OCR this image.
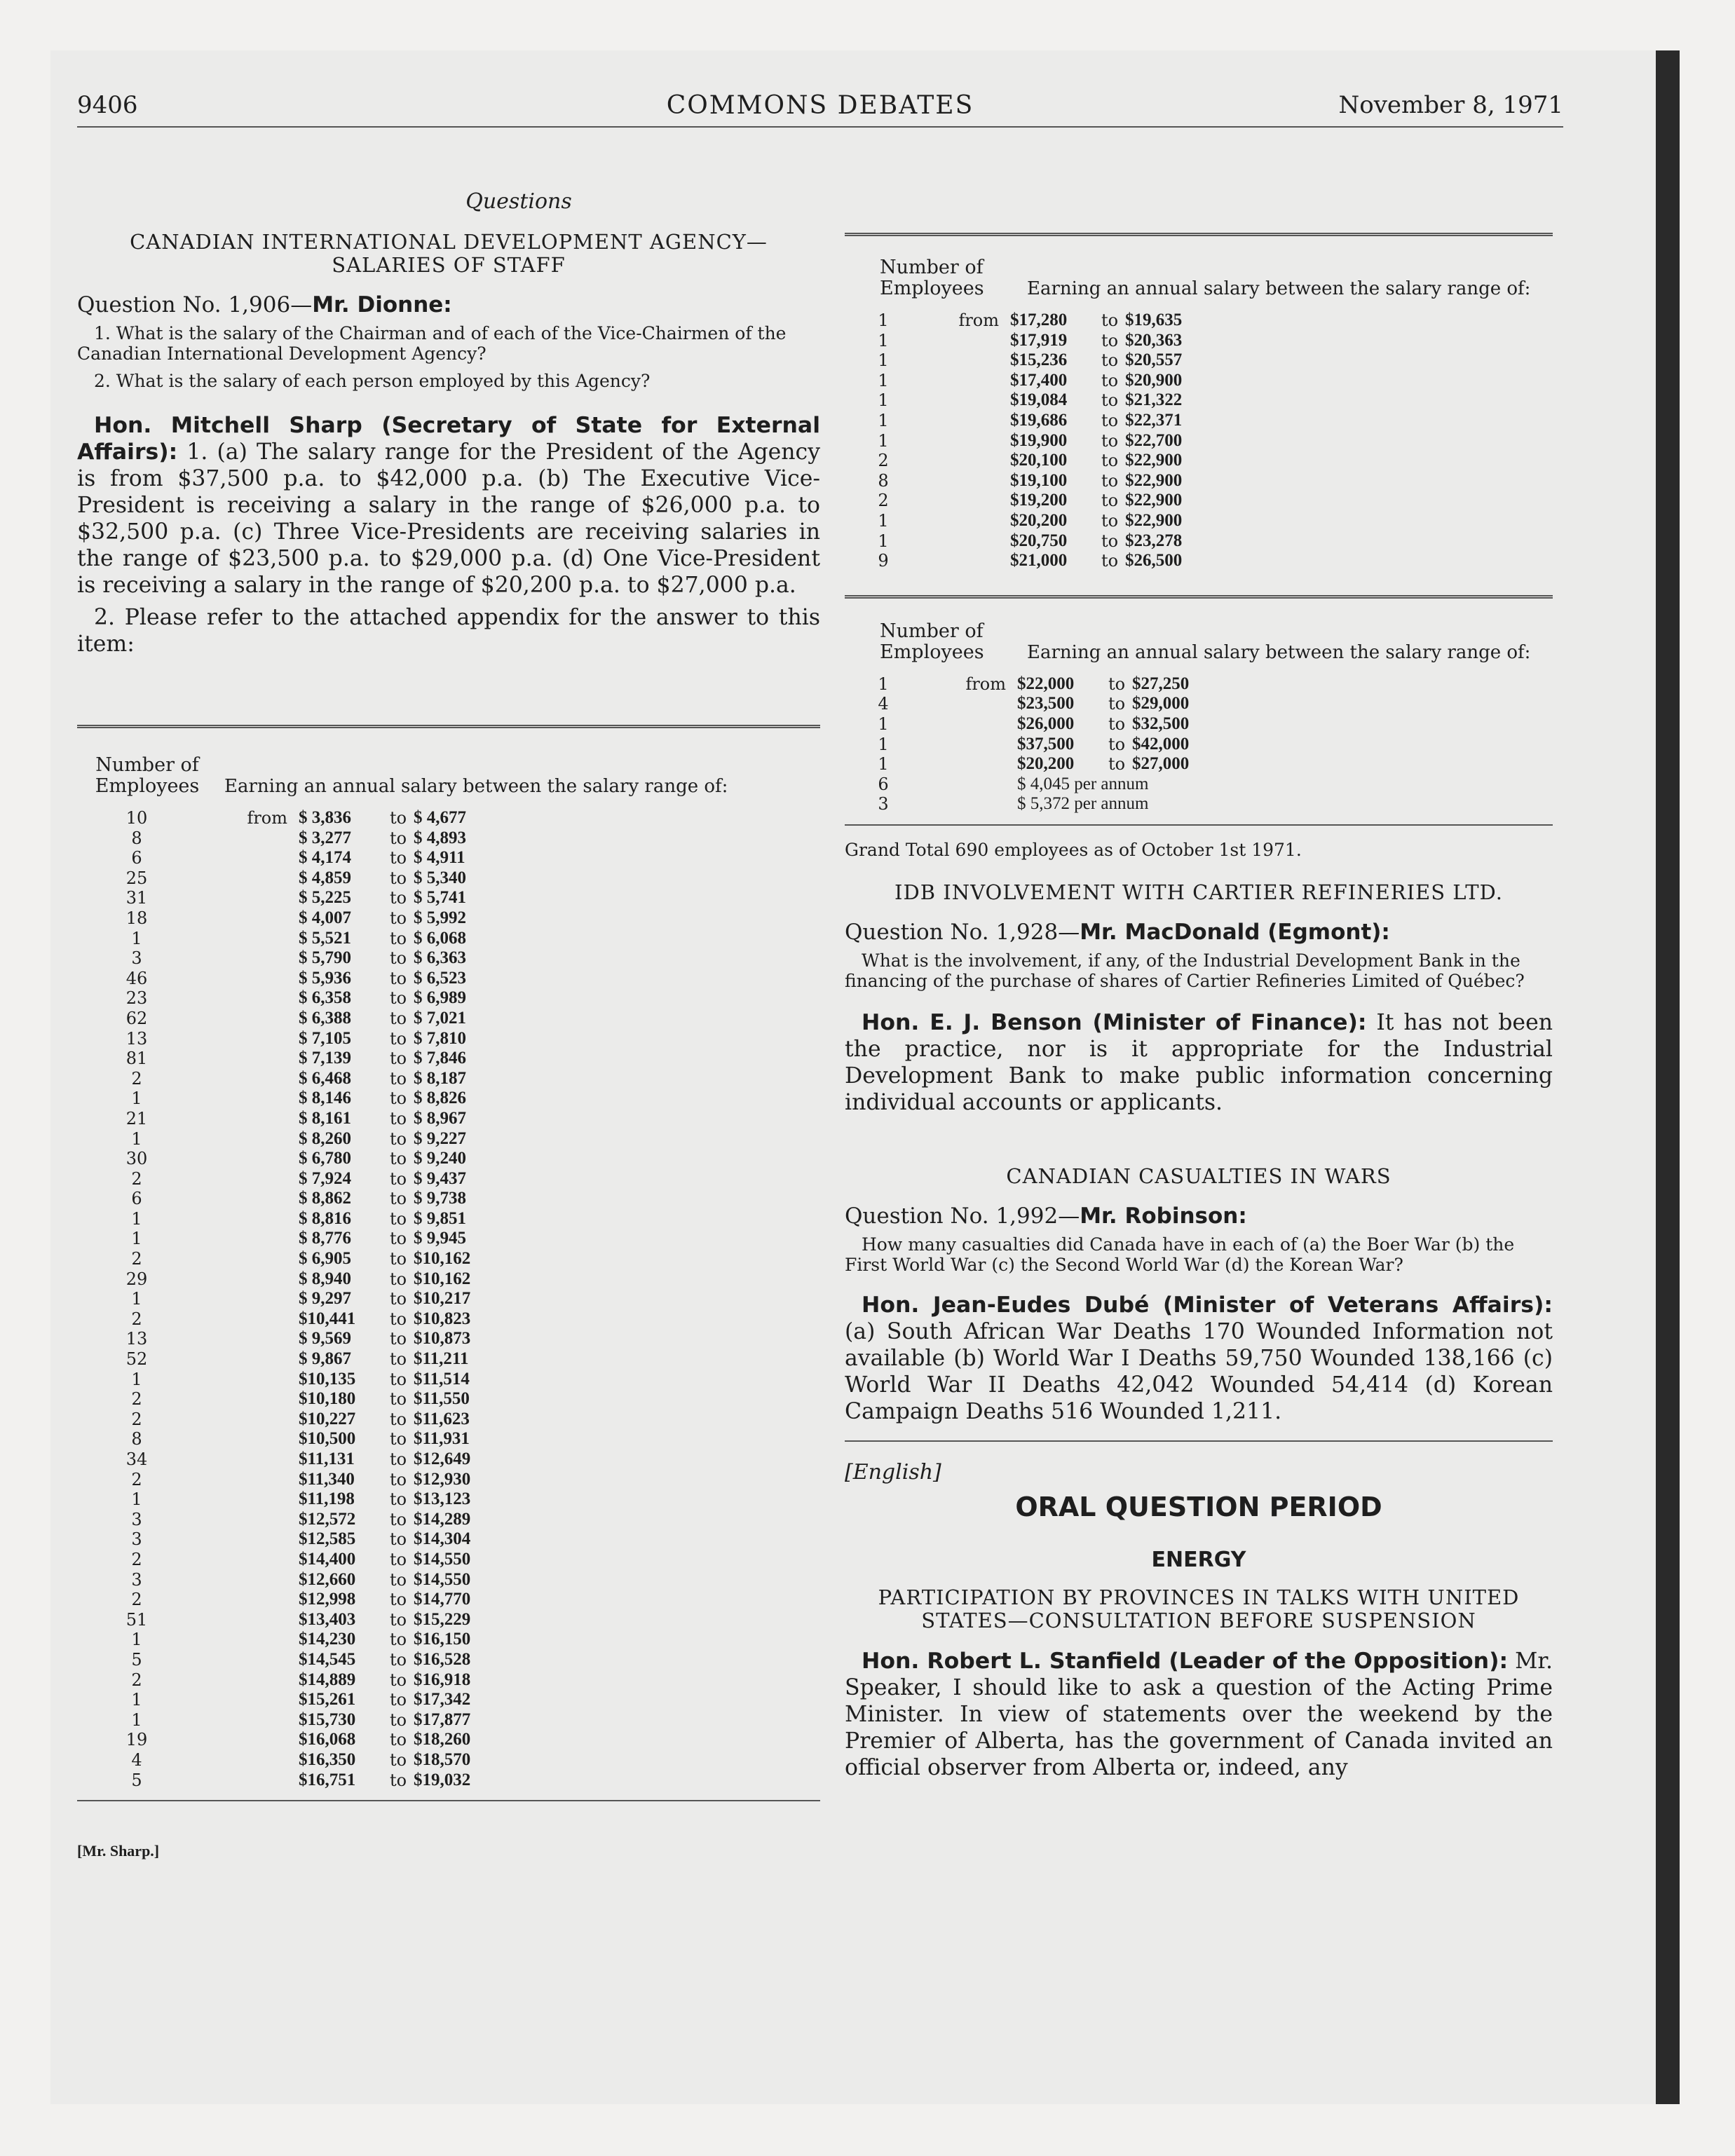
9406	COMMONS DEBATES	November 8, 1971
Questions
CANADIAN INTERNATIONAL DEVELOPMENT AGENCY—SALARIES OF STAFF
Question No. 1,906—Mr. Dionne:

1. What is the salary of the Chairman and of each of the Vice-Chairmen of the Canadian International Development Agency?

2. What is the salary of each person employed by this Agency?

Hon. Mitchell Sharp (Secretary of State for External Affairs): 1. (a) The salary range for the President of the Agency is from $37,500 p.a. to $42,000 p.a. (b) The Executive Vice-President is receiving a salary in the range of $26,000 p.a. to $32,500 p.a. (c) Three Vice-Presidents are receiving salaries in the range of $23,500 p.a. to $29,000 p.a. (d) One Vice-President is receiving a salary in the range of $20,200 p.a. to $27,000 p.a.

2. Please refer to the attached appendix for the answer to this item:

Number of
Employees	Earning an annual salary between the salary range of:
10	from $ 3,836	to $ 4,677
8	$ 3,277	to $ 4,893
6	$ 4,174	to $ 4,911
25	$ 4,859	to $ 5,340
31	$ 5,225	to $ 5,741
18	$ 4,007	to $ 5,992
1	$ 5,521	to $ 6,068
3	$ 5,790	to $ 6,363
46	$ 5,936	to $ 6,523
23	$ 6,358	to $ 6,989
62	$ 6,388	to $ 7,021
13	$ 7,105	to $ 7,810
81	$ 7,139	to $ 7,846
2	$ 6,468	to $ 8,187
1	$ 8,146	to $ 8,826
21	$ 8,161	to $ 8,967
1	$ 8,260	to $ 9,227
30	$ 6,780	to $ 9,240
2	$ 7,924	to $ 9,437
6	$ 8,862	to $ 9,738
1	$ 8,816	to $ 9,851
1	$ 8,776	to $ 9,945
2	$ 6,905	to $10,162
29	$ 8,940	to $10,162
1	$ 9,297	to $10,217
2	$10,441	to $10,823
13	$ 9,569	to $10,873
52	$ 9,867	to $11,211
1	$10,135	to $11,514
2	$10,180	to $11,550
2	$10,227	to $11,623
8	$10,500	to $11,931
34	$11,131	to $12,649
2	$11,340	to $12,930
1	$11,198	to $13,123
3	$12,572	to $14,289
3	$12,585	to $14,304
2	$14,400	to $14,550
3	$12,660	to $14,550
2	$12,998	to $14,770
51	$13,403	to $15,229
1	$14,230	to $16,150
5	$14,545	to $16,528
2	$14,889	to $16,918
1	$15,261	to $17,342
1	$15,730	to $17,877
19	$16,068	to $18,260
4	$16,350	to $18,570
5	$16,751	to $19,032
[Mr. Sharp.]
Number of
Employees	Earning an annual salary between the salary range of:
1	from $17,280	to $19,635
1	$17,919	to $20,363
1	$15,236	to $20,557
1	$17,400	to $20,900
1	$19,084	to $21,322
1	$19,686	to $22,371
1	$19,900	to $22,700
2	$20,100	to $22,900
8	$19,100	to $22,900
2	$19,200	to $22,900
1	$20,200	to $22,900
1	$20,750	to $23,278
9	$21,000	to $26,500
Number of
Employees	Earning an annual salary between the salary range of:
1	from $22,000	to $27,250
4	$23,500	to $29,000
1	$26,000	to $32,500
1	$37,500	to $42,000
1	$20,200	to $27,000
6	$ 4,045 per annum
3	$ 5,372 per annum
Grand Total 690 employees as of October 1st 1971.
IDB INVOLVEMENT WITH CARTIER REFINERIES LTD.
Question No. 1,928—Mr. MacDonald (Egmont):

What is the involvement, if any, of the Industrial Development Bank in the financing of the purchase of shares of Cartier Refineries Limited of Québec?

Hon. E. J. Benson (Minister of Finance): It has not been the practice, nor is it appropriate for the Industrial Development Bank to make public information concerning individual accounts or applicants.

CANADIAN CASUALTIES IN WARS
Question No. 1,992—Mr. Robinson:

How many casualties did Canada have in each of (a) the Boer War (b) the First World War (c) the Second World War (d) the Korean War?

Hon. Jean-Eudes Dubé (Minister of Veterans Affairs): (a) South African War Deaths 170 Wounded Information not available (b) World War I Deaths 59,750 Wounded 138,166 (c) World War II Deaths 42,042 Wounded 54,414 (d) Korean Campaign Deaths 516 Wounded 1,211.

[English]
ORAL QUESTION PERIOD
ENERGY
PARTICIPATION BY PROVINCES IN TALKS WITH UNITED STATES—CONSULTATION BEFORE SUSPENSION

Hon. Robert L. Stanfield (Leader of the Opposition): Mr. Speaker, I should like to ask a question of the Acting Prime Minister. In view of statements over the weekend by the Premier of Alberta, has the government of Canada invited an official observer from Alberta or, indeed, any
